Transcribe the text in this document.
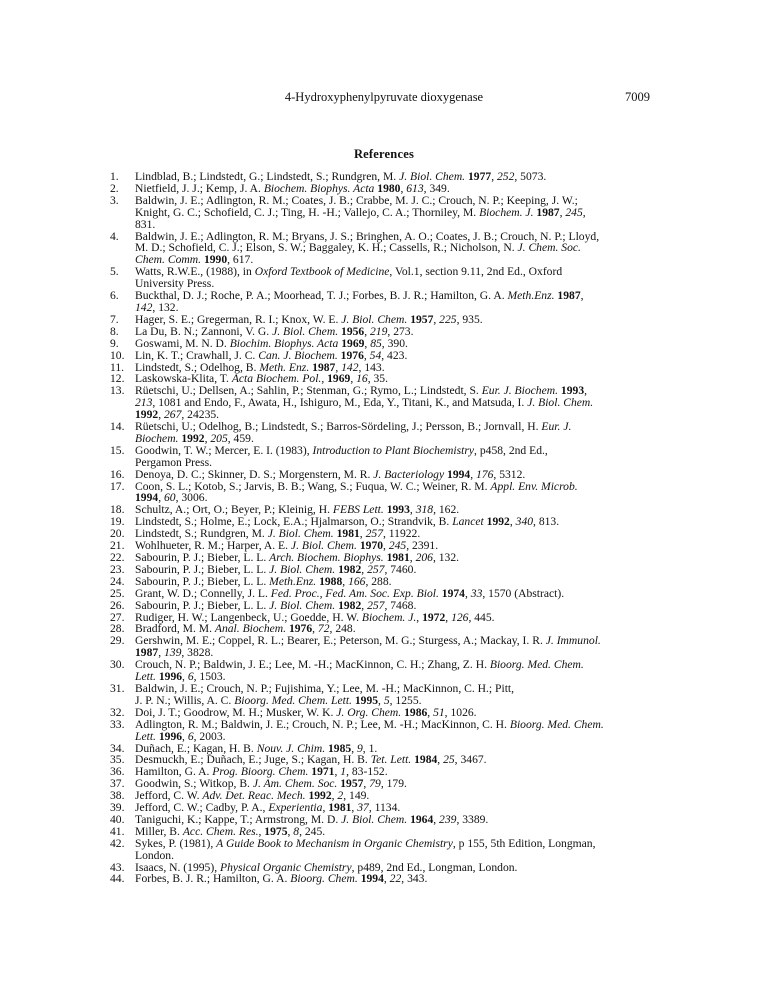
4-Hydroxyphenylpyruvate dioxygenase	7009
References
1.	Lindblad, B.; Lindstedt, G.; Lindstedt, S.; Rundgren, M. J. Biol. Chem. 1977, 252, 5073.
2.	Nietfield, J. J.; Kemp, J. A. Biochem. Biophys. Acta 1980, 613, 349.
3.	Baldwin, J. E.; Adlington, R. M.; Coates, J. B.; Crabbe, M. J. C.; Crouch, N. P.; Keeping, J. W.;
Knight, G. C.; Schofield, C. J.; Ting, H. -H.; Vallejo, C. A.; Thorniley, M. Biochem. J. 1987, 245,
831.
4.	Baldwin, J. E.; Adlington, R. M.; Bryans, J. S.; Bringhen, A. O.; Coates, J. B.; Crouch, N. P.; Lloyd,
M. D.; Schofield, C. J.; Elson, S. W.; Baggaley, K. H.; Cassells, R.; Nicholson, N. J. Chem. Soc.
Chem. Comm. 1990, 617.
5.	Watts, R.W.E., (1988), in Oxford Textbook of Medicine, Vol.1, section 9.11, 2nd Ed., Oxford
University Press.
6.	Buckthal, D. J.; Roche, P. A.; Moorhead, T. J.; Forbes, B. J. R.; Hamilton, G. A. Meth.Enz. 1987,
142, 132.
7.	Hager, S. E.; Gregerman, R. I.; Knox, W. E. J. Biol. Chem. 1957, 225, 935.
8.	La Du, B. N.; Zannoni, V. G. J. Biol. Chem. 1956, 219, 273.
9.	Goswami, M. N. D. Biochim. Biophys. Acta 1969, 85, 390.
10. Lin, K. T.; Crawhall, J. C. Can. J. Biochem. 1976, 54, 423.
11. Lindstedt, S.; Odelhog, B. Meth. Enz. 1987, 142, 143.
12. Laskowska-Klita, T. Acta Biochem. Pol., 1969, 16, 35.
13. Rüetschi, U.; Dellsen, A.; Sahlin, P.; Stenman, G.; Rymo, L.; Lindstedt, S. Eur. J. Biochem. 1993,
213, 1081 and Endo, F., Awata, H., Ishiguro, M., Eda, Y., Titani, K., and Matsuda, I. J. Biol. Chem.
1992, 267, 24235.
14. Rüetschi, U.; Odelhog, B.; Lindstedt, S.; Barros-Sördeling, J.; Persson, B.; Jornvall, H. Eur. J.
Biochem. 1992, 205, 459.
15. Goodwin, T. W.; Mercer, E. I. (1983), Introduction to Plant Biochemistry, p458, 2nd Ed.,
Pergamon Press.
16. Denoya, D. C.; Skinner, D. S.; Morgenstern, M. R. J. Bacteriology 1994, 176, 5312.
17. Coon, S. L.; Kotob, S.; Jarvis, B. B.; Wang, S.; Fuqua, W. C.; Weiner, R. M. Appl. Env. Microb.
1994, 60, 3006.
18. Schultz, A.; Ort, O.; Beyer, P.; Kleinig, H. FEBS Lett. 1993, 318, 162.
19. Lindstedt, S.; Holme, E.; Lock, E.A.; Hjalmarson, O.; Strandvik, B. Lancet 1992, 340, 813.
20. Lindstedt, S.; Rundgren, M. J. Biol. Chem. 1981, 257, 11922.
21. Wohlhueter, R. M.; Harper, A. E. J. Biol. Chem. 1970, 245, 2391.
22. Sabourin, P. J.; Bieber, L. L. Arch. Biochem. Biophys. 1981, 206, 132.
23. Sabourin, P. J.; Bieber, L. L. J. Biol. Chem. 1982, 257, 7460.
24. Sabourin, P. J.; Bieber, L. L. Meth.Enz. 1988, 166, 288.
25. Grant, W. D.; Connelly, J. L. Fed. Proc., Fed. Am. Soc. Exp. Biol. 1974, 33, 1570 (Abstract).
26. Sabourin, P. J.; Bieber, L. L. J. Biol. Chem. 1982, 257, 7468.
27. Rudiger, H. W.; Langenbeck, U.; Goedde, H. W. Biochem. J., 1972, 126, 445.
28. Bradford, M. M. Anal. Biochem. 1976, 72, 248.
29. Gershwin, M. E.; Coppel, R. L.; Bearer, E.; Peterson, M. G.; Sturgess, A.; Mackay, I. R. J. Immunol.
1987, 139, 3828.
30. Crouch, N. P.; Baldwin, J. E.; Lee, M. -H.; MacKinnon, C. H.; Zhang, Z. H. Bioorg. Med. Chem.
Lett. 1996, 6, 1503.
31. Baldwin, J. E.; Crouch, N. P.; Fujishima, Y.; Lee, M. -H.; MacKinnon, C. H.; Pitt,
J. P. N.; Willis, A. C. Bioorg. Med. Chem. Lett. 1995, 5, 1255.
32. Doi, J. T.; Goodrow, M. H.; Musker, W. K. J. Org. Chem. 1986, 51, 1026.
33. Adlington, R. M.; Baldwin, J. E.; Crouch, N. P.; Lee, M. -H.; MacKinnon, C. H. Bioorg. Med. Chem.
Lett. 1996, 6, 2003.
34. Duñach, E.; Kagan, H. B. Nouv. J. Chim. 1985, 9, 1.
35. Desmuckh, E.; Duñach, E.; Juge, S.; Kagan, H. B. Tet. Lett. 1984, 25, 3467.
36. Hamilton, G. A. Prog. Bioorg. Chem. 1971, 1, 83-152.
37. Goodwin, S.; Witkop, B. J. Am. Chem. Soc. 1957, 79, 179.
38. Jefford, C. W. Adv. Det. Reac. Mech. 1992, 2, 149.
39. Jefford, C. W.; Cadby, P. A., Experientia, 1981, 37, 1134.
40. Taniguchi, K.; Kappe, T.; Armstrong, M. D. J. Biol. Chem. 1964, 239, 3389.
41. Miller, B. Acc. Chem. Res., 1975, 8, 245.
42. Sykes, P. (1981), A Guide Book to Mechanism in Organic Chemistry, p 155, 5th Edition, Longman,
London.
43. Isaacs, N. (1995), Physical Organic Chemistry, p489, 2nd Ed., Longman, London.
44. Forbes, B. J. R.; Hamilton, G. A. Bioorg. Chem. 1994, 22, 343.
